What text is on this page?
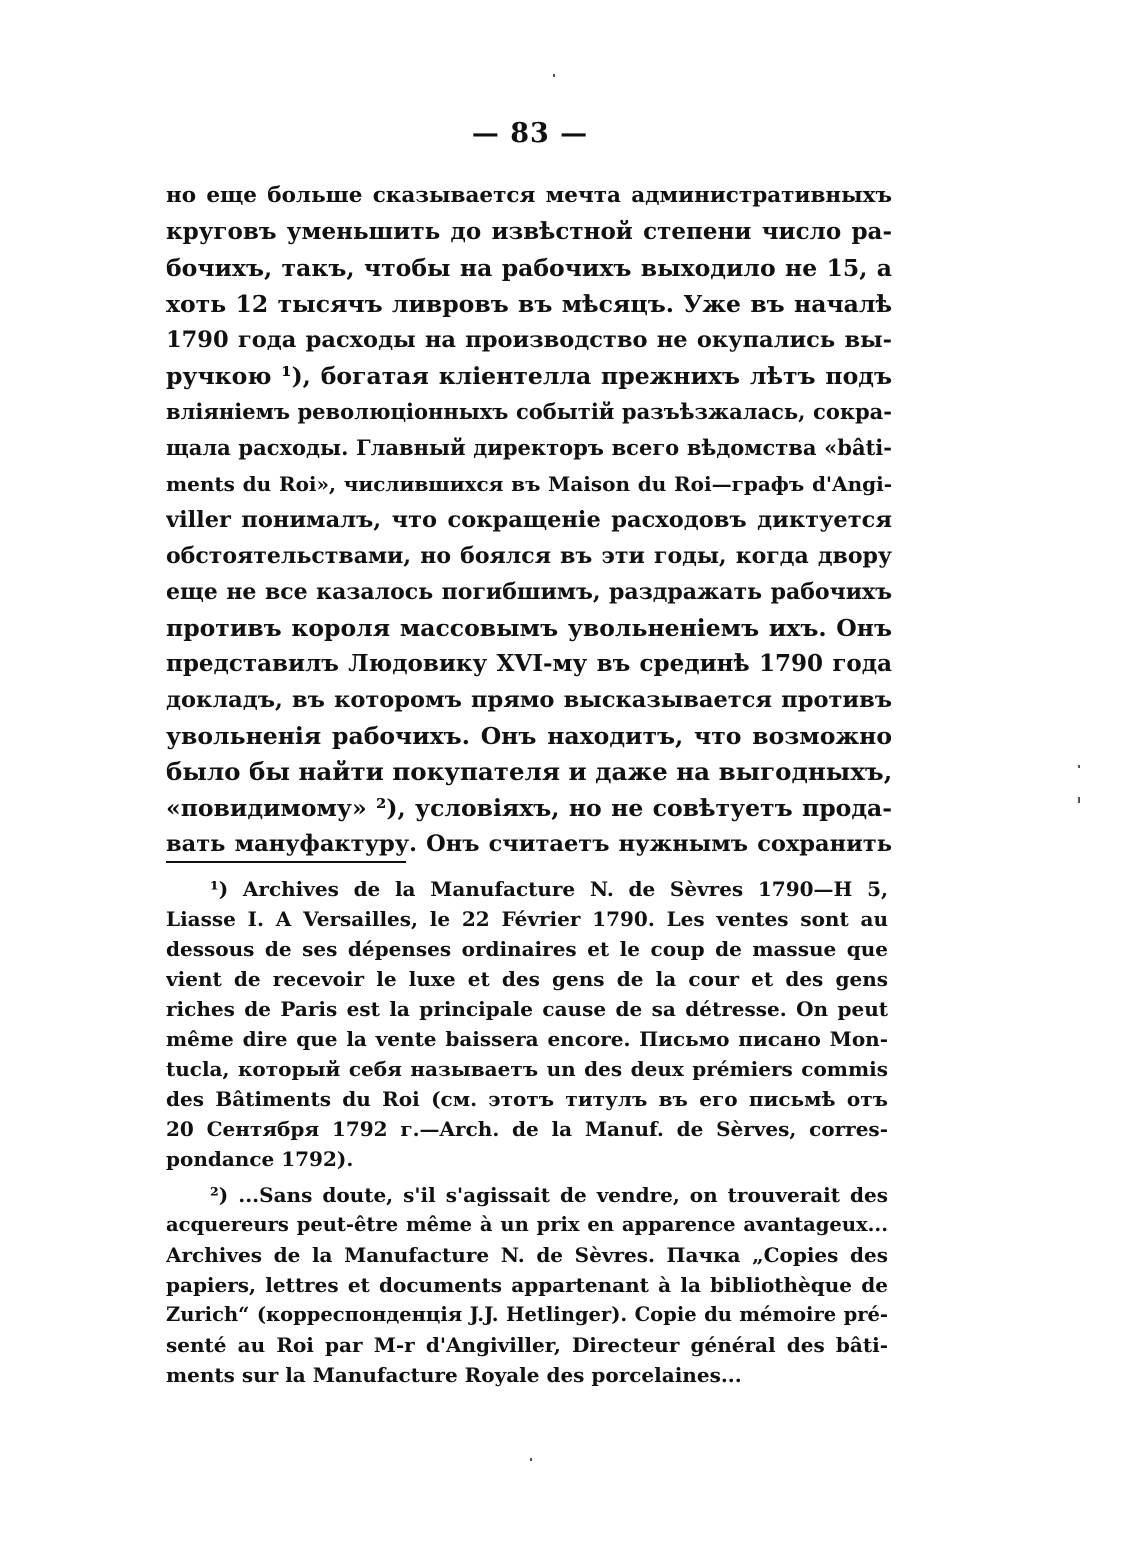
— 83 —
но еще больше сказывается мечта административныхъ
круговъ уменьшить до извѣстной степени число ра-
бочихъ, такъ, чтобы на рабочихъ выходило не 15, а
хоть 12 тысячъ ливровъ въ мѣсяцъ. Уже въ началѣ
1790 года расходы на производство не окупались вы-
ручкою ¹), богатая кліентелла прежнихъ лѣтъ подъ
вліяніемъ революціонныхъ событій разъѣзжалась, сокра-
щала расходы. Главный директоръ всего вѣдомства «bâti-
ments du Roi», числившихся въ Maison du Roi—графъ d'Angi-
viller понималъ, что сокращеніе расходовъ диктуется
обстоятельствами, но боялся въ эти годы, когда двору
еще не все казалось погибшимъ, раздражать рабочихъ
противъ короля массовымъ увольненіемъ ихъ. Онъ
представилъ Людовику XVI-му въ срединѣ 1790 года
докладъ, въ которомъ прямо высказывается противъ
увольненія рабочихъ. Онъ находитъ, что возможно
было бы найти покупателя и даже на выгодныхъ,
«повидимому» ²), условіяхъ, но не совѣтуетъ прода-
вать мануфактуру. Онъ считаетъ нужнымъ сохранить
¹) Archives de la Manufacture N. de Sèvres 1790—H 5,
Liasse I. A Versailles, le 22 Février 1790. Les ventes sont au
dessous de ses dépenses ordinaires et le coup de massue que
vient de recevoir le luxe et des gens de la cour et des gens
riches de Paris est la principale cause de sa détresse. On peut
même dire que la vente baissera encore. Письмо писано Mon-
tucla, который себя называетъ un des deux prémiers commis
des Bâtiments du Roi (см. этотъ титулъ въ его письмѣ отъ
20 Сентября 1792 г.—Arch. de la Manuf. de Sèrves, corres-
pondance 1792).
²) ...Sans doute, s'il s'agissait de vendre, on trouverait des
acquereurs peut-être même à un prix en apparence avantageux...
Archives de la Manufacture N. de Sèvres. Пачка „Copies des
papiers, lettres et documents appartenant à la bibliothèque de
Zurich“ (корреспонденція J.J. Hetlinger). Copie du mémoire pré-
senté au Roi par M-r d'Angiviller, Directeur général des bâti-
ments sur la Manufacture Royale des porcelaines...
